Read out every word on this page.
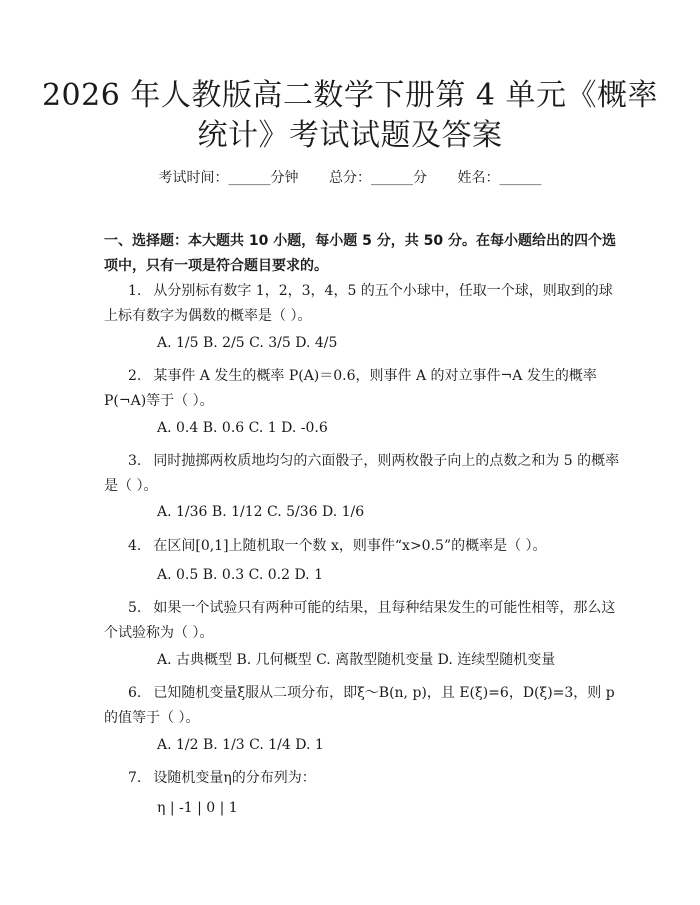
2026 年人教版高二数学下册第 4 单元《概率
统计》考试试题及答案
考试时间：______分钟 总分：______分 姓名：______
一、选择题：本大题共 10 小题，每小题 5 分，共 50 分。在每小题给出的四个选项中，只有一项是符合题目要求的。
1. 从分别标有数字 1，2，3，4，5 的五个小球中，任取一个球，则取到的球上标有数字为偶数的概率是（ ）。
A. 1/5 B. 2/5 C. 3/5 D. 4/5
2. 某事件 A 发生的概率 P(A)＝0.6，则事件 A 的对立事件¬A 发生的概率 P(¬A)等于（ ）。
A. 0.4 B. 0.6 C. 1 D. -0.6
3. 同时抛掷两枚质地均匀的六面骰子，则两枚骰子向上的点数之和为 5 的概率是（ ）。
A. 1/36 B. 1/12 C. 5/36 D. 1/6
4. 在区间[0,1]上随机取一个数 x，则事件“x>0.5”的概率是（ ）。
A. 0.5 B. 0.3 C. 0.2 D. 1
5. 如果一个试验只有两种可能的结果，且每种结果发生的可能性相等，那么这个试验称为（ ）。
A. 古典概型 B. 几何概型 C. 离散型随机变量 D. 连续型随机变量
6. 已知随机变量ξ服从二项分布，即ξ～B(n, p)，且 E(ξ)=6，D(ξ)=3，则 p 的值等于（ ）。
A. 1/2 B. 1/3 C. 1/4 D. 1
7. 设随机变量η的分布列为：
η | -1 | 0 | 1
